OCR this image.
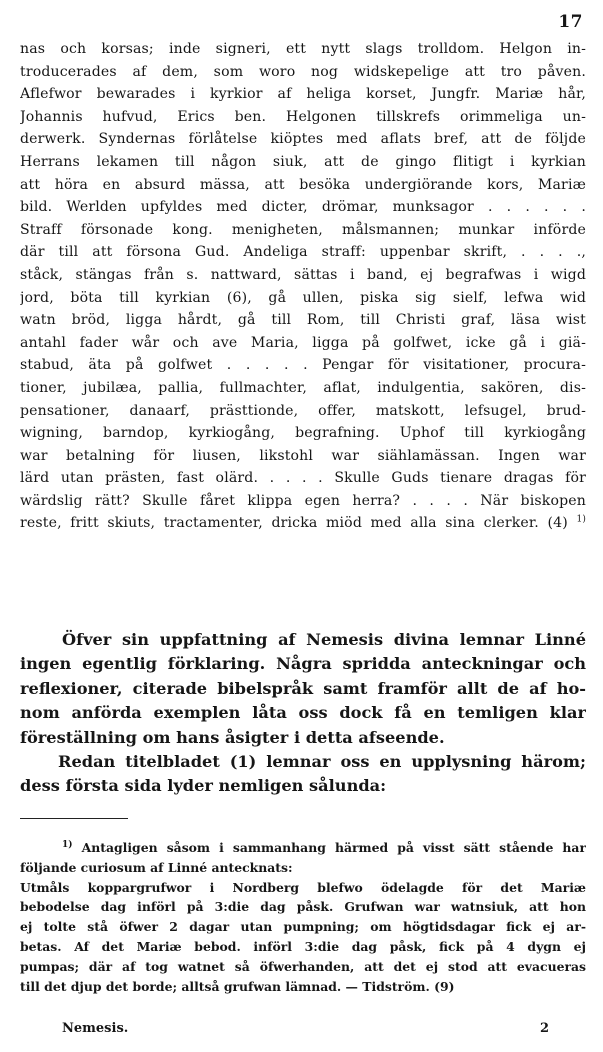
17
nas och korsas; inde signeri, ett nytt slags trolldom. Helgon in-
troducerades af dem, som woro nog widskepelige att tro påven.
Aflefwor bewarades i kyrkior af heliga korset, Jungfr. Mariæ hår,
Johannis hufvud, Erics ben. Helgonen tillskrefs orimmeliga un-
derwerk. Syndernas förlåtelse kiöptes med aflats bref, att de följde
Herrans lekamen till någon siuk, att de gingo flitigt i kyrkian
att höra en absurd mässa, att besöka undergiörande kors, Mariæ
bild. Werlden upfyldes med dicter, drömar, munksagor . . . . . .
Straff försonade kong. menigheten, målsmannen; munkar införde
där till att försona Gud. Andeliga straff: uppenbar skrift, . . . .,
ståck, stängas från s. nattward, sättas i band, ej begrafwas i wigd
jord, böta till kyrkian (6), gå ullen, piska sig sielf, lefwa wid
watn bröd, ligga hårdt, gå till Rom, till Christi graf, läsa wist
antahl fader wår och ave Maria, ligga på golfwet, icke gå i giä-
stabud, äta på golfwet . . . . . Pengar för visitationer, procura-
tioner, jubilæa, pallia, fullmachter, aflat, indulgentia, sakören, dis-
pensationer, danaarf, prästtionde, offer, matskott, lefsugel, brud-
wigning, barndop, kyrkiogång, begrafning. Uphof till kyrkiogång
war betalning för liusen, likstohl war siählamässan. Ingen war
lärd utan prästen, fast olärd. . . . . Skulle Guds tienare dragas för
wärdslig rätt? Skulle fåret klippa egen herra? . . . . När biskopen
reste, fritt skiuts, tractamenter, dricka miöd med alla sina clerker. (4) $^{1)}$
Öfver sin uppfattning af Nemesis divina lemnar Linné
ingen egentlig förklaring. Några spridda anteckningar och
reflexioner, citerade bibelspråk samt framför allt de af ho-
nom anförda exemplen låta oss dock få en temligen klar
föreställning om hans åsigter i detta afseende.
Redan titelbladet (1) lemnar oss en upplysning härom;
dess första sida lyder nemligen sålunda:
$^{1)}$ Antagligen såsom i sammanhang härmed på visst sätt stående har
följande curiosum af Linné antecknats:
Utmåls koppargrufwor i Nordberg blefwo ödelagde för det Mariæ
bebodelse dag införl på 3:die dag påsk. Grufwan war watnsiuk, att hon
ej tolte stå öfwer 2 dagar utan pumpning; om högtidsdagar fick ej ar-
betas. Af det Mariæ bebod. införl 3:die dag påsk, fick på 4 dygn ej
pumpas; där af tog watnet så öfwerhanden, att det ej stod att evacueras
till det djup det borde; alltså grufwan lämnad. — Tidström. (9)
Nemesis.	2
